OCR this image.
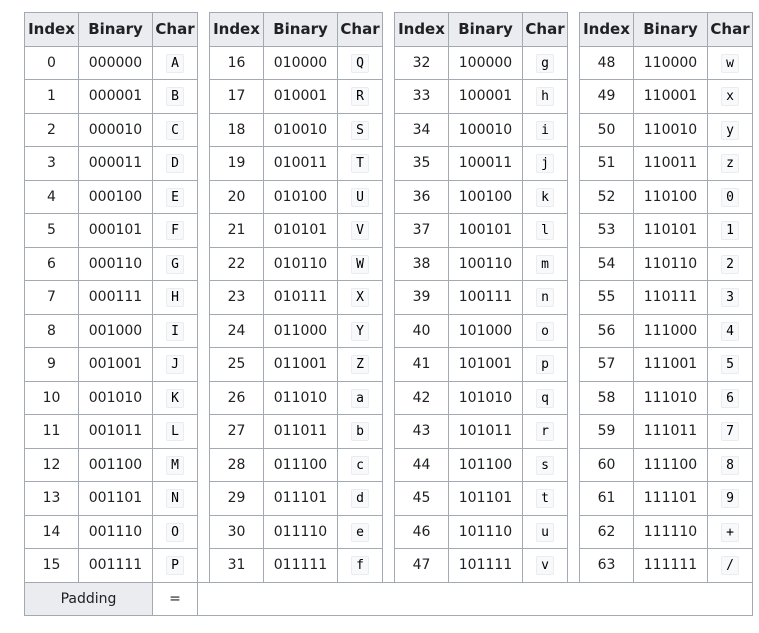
Index	Binary	Char		Index	Binary	Char		Index	Binary	Char		Index	Binary	Char
0	000000	A		16	010000	Q		32	100000	g		48	110000	w
1	000001	B		17	010001	R		33	100001	h		49	110001	x
2	000010	C		18	010010	S		34	100010	i		50	110010	y
3	000011	D		19	010011	T		35	100011	j		51	110011	z
4	000100	E		20	010100	U		36	100100	k		52	110100	0
5	000101	F		21	010101	V		37	100101	l		53	110101	1
6	000110	G		22	010110	W		38	100110	m		54	110110	2
7	000111	H		23	010111	X		39	100111	n		55	110111	3
8	001000	I		24	011000	Y		40	101000	o		56	111000	4
9	001001	J		25	011001	Z		41	101001	p		57	111001	5
10	001010	K		26	011010	a		42	101010	q		58	111010	6
11	001011	L		27	011011	b		43	101011	r		59	111011	7
12	001100	M		28	011100	c		44	101100	s		60	111100	8
13	001101	N		29	011101	d		45	101101	t		61	111101	9
14	001110	O		30	011110	e		46	101110	u		62	111110	+
15	001111	P		31	011111	f		47	101111	v		63	111111	/
Padding		=												
